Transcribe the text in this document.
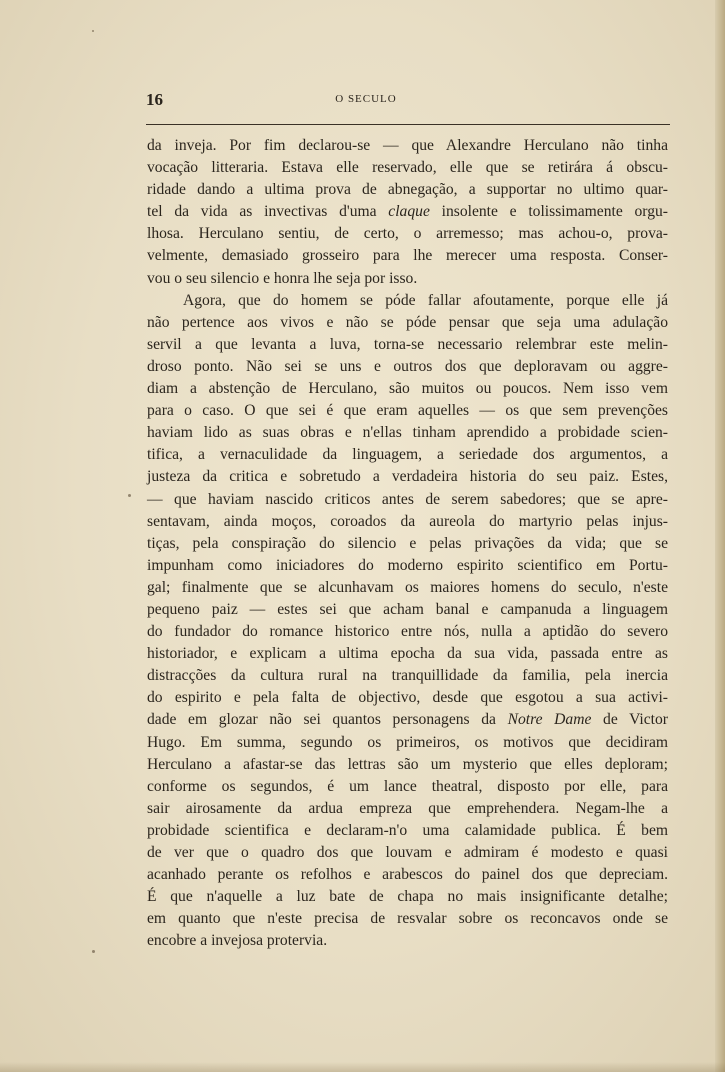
16	O SECULO
da inveja. Por fim declarou-se — que Alexandre Herculano não tinha
vocação litteraria. Estava elle reservado, elle que se retirára á obscu-
ridade dando a ultima prova de abnegação, a supportar no ultimo quar-
tel da vida as invectivas d'uma claque insolente e tolissimamente orgu-
lhosa. Herculano sentiu, de certo, o arremesso; mas achou-o, prova-
velmente, demasiado grosseiro para lhe merecer uma resposta. Conser-
vou o seu silencio e honra lhe seja por isso.
Agora, que do homem se póde fallar afoutamente, porque elle já
não pertence aos vivos e não se póde pensar que seja uma adulação
servil a que levanta a luva, torna-se necessario relembrar este melin-
droso ponto. Não sei se uns e outros dos que deploravam ou aggre-
diam a abstenção de Herculano, são muitos ou poucos. Nem isso vem
para o caso. O que sei é que eram aquelles — os que sem prevenções
haviam lido as suas obras e n'ellas tinham aprendido a probidade scien-
tifica, a vernaculidade da linguagem, a seriedade dos argumentos, a
justeza da critica e sobretudo a verdadeira historia do seu paiz. Estes,
— que haviam nascido criticos antes de serem sabedores; que se apre-
sentavam, ainda moços, coroados da aureola do martyrio pelas injus-
tiças, pela conspiração do silencio e pelas privações da vida; que se
impunham como iniciadores do moderno espirito scientifico em Portu-
gal; finalmente que se alcunhavam os maiores homens do seculo, n'este
pequeno paiz — estes sei que acham banal e campanuda a linguagem
do fundador do romance historico entre nós, nulla a aptidão do severo
historiador, e explicam a ultima epocha da sua vida, passada entre as
distracções da cultura rural na tranquillidade da familia, pela inercia
do espirito e pela falta de objectivo, desde que esgotou a sua activi-
dade em glozar não sei quantos personagens da Notre Dame de Victor
Hugo. Em summa, segundo os primeiros, os motivos que decidiram
Herculano a afastar-se das lettras são um mysterio que elles deploram;
conforme os segundos, é um lance theatral, disposto por elle, para
sair airosamente da ardua empreza que emprehendera. Negam-lhe a
probidade scientifica e declaram-n'o uma calamidade publica. É bem
de ver que o quadro dos que louvam e admiram é modesto e quasi
acanhado perante os refolhos e arabescos do painel dos que depreciam.
É que n'aquelle a luz bate de chapa no mais insignificante detalhe;
em quanto que n'este precisa de resvalar sobre os reconcavos onde se
encobre a invejosa protervia.
